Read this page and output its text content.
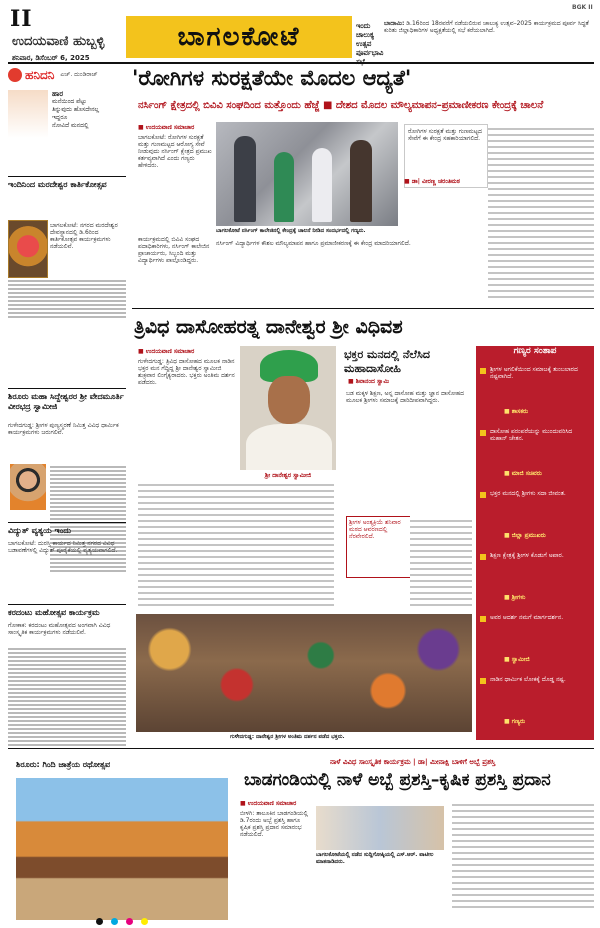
II
ಉದಯವಾಣಿ ಹುಬ್ಬಳ್ಳಿ
ಶನಿವಾರ, ಡಿಸೆಂಬರ್ 6, 2025
ಬಾಗಲಕೋಟೆ	ಇಂದು ಚಾಲುಕ್ಯ ಉತ್ಸವ ಪೂರ್ವಭಾವಿ
ಬಾದಾಮಿ: ಡಿ.16ರಿಂದ 18ರವರೆಗೆ ನಡೆಯಲಿರುವ ಚಾಲುಕ್ಯ ಉತ್ಸವ–2025 ಕಾರ್ಯಕ್ರಮದ ಪೂರ್ವ ಸಿದ್ಧತೆ ಕುರಿತು ಜಿಲ್ಲಾಧಿಕಾರಿಗಳ ಅಧ್ಯಕ್ಷತೆಯಲ್ಲಿ ಸಭೆ ಕರೆಯಲಾಗಿದೆ.
BGK II
ಹನಿದನಿ ಎಚ್. ದುಂಡಿರಾಜ್
ಹಾರ
ಮನೆಯಿಂದ ಪೆಟ್ಟು
ತಿನ್ನುವುದು ಹೊಸದೇನಲ್ಲ
ಇದ್ದರೂ
ನೋವಿದೆ ಮನದಲ್ಲಿ
ಇಂದಿನಿಂದ ಮರದೇಶ್ವರ ಕಾರ್ತಿಕೋತ್ಸವ
ಬಾಗಲಕೋಟೆ: ನಗರದ ಮರದೇಶ್ವರ ದೇವಸ್ಥಾನದಲ್ಲಿ ಡಿ.6ರಿಂದ ಕಾರ್ತಿಕೋತ್ಸವ ಕಾರ್ಯಕ್ರಮಗಳು ನಡೆಯಲಿವೆ.
ಶಿರೂರು ಮಹಾ ಸಿದ್ದೇಶ್ವರರ ಶ್ರೀ ವೇದಮೂರ್ತಿ ವೀರಭದ್ರ ಸ್ವಾಮೀಜಿ
ಗುಳೇದಗುಡ್ಡ: ಶ್ರೀಗಳ ಪುಣ್ಯಸ್ಮರಣೆ ನಿಮಿತ್ತ ವಿವಿಧ ಧಾರ್ಮಿಕ ಕಾರ್ಯಕ್ರಮಗಳು ಜರುಗಲಿವೆ.
ವಿದ್ಯುತ್ ವ್ಯತ್ಯಯ ಇಂದು
ಬಾಗಲಕೋಟೆ: ದುರಸ್ತಿ ಕಾರ್ಯದ ನಿಮಿತ್ತ ನಗರದ ವಿವಿಧ ಬಡಾವಣೆಗಳಲ್ಲಿ ವಿದ್ಯುತ್ ಪೂರೈಕೆಯಲ್ಲಿ ವ್ಯತ್ಯಯವಾಗಲಿದೆ.
ಕರದಂಟು ಮಹೋತ್ಸವ ಕಾರ್ಯಕ್ರಮ
ಗೋಕಾಕ: ಕರದಂಟು ಮಹೋತ್ಸವದ ಅಂಗವಾಗಿ ವಿವಿಧ ಸಾಂಸ್ಕೃತಿಕ ಕಾರ್ಯಕ್ರಮಗಳು ನಡೆಯಲಿವೆ.
'ರೋಗಿಗಳ ಸುರಕ್ಷತೆಯೇ ಮೊದಲ ಆದ್ಯತೆ'
ನರ್ಸಿಂಗ್ ಕ್ಷೇತ್ರದಲ್ಲಿ ಬಿವಿವಿ ಸಂಘದಿಂದ ಮತ್ತೊಂದು ಹೆಜ್ಜೆ ■ ದೇಶದ ಮೊದಲ ಮೌಲ್ಯಮಾಪನ–ಪ್ರಮಾಣೀಕರಣ ಕೇಂದ್ರಕ್ಕೆ ಚಾಲನೆ
■ ಉದಯವಾಣಿ ಸಮಾಚಾರ
ಬಾಗಲಕೋಟೆ: ರೋಗಿಗಳ ಸುರಕ್ಷತೆ ಮತ್ತು ಗುಣಮಟ್ಟದ ಆರೋಗ್ಯ ಸೇವೆ ನೀಡುವುದು ನರ್ಸಿಂಗ್ ಕ್ಷೇತ್ರದ ಪ್ರಮುಖ ಕರ್ತವ್ಯವಾಗಿದೆ ಎಂದು ಗಣ್ಯರು ಹೇಳಿದರು.
ಕಾರ್ಯಕ್ರಮದಲ್ಲಿ ಬಿವಿವಿ ಸಂಘದ ಪದಾಧಿಕಾರಿಗಳು, ನರ್ಸಿಂಗ್ ಕಾಲೇಜಿನ ಪ್ರಾಚಾರ್ಯರು, ಸಿಬ್ಬಂದಿ ಮತ್ತು ವಿದ್ಯಾರ್ಥಿಗಳು ಪಾಲ್ಗೊಂಡಿದ್ದರು.
ಬಾಗಲಕೋಟೆ ನರ್ಸಿಂಗ್ ಕಾಲೇಜಿನಲ್ಲಿ ಕೇಂದ್ರಕ್ಕೆ ಚಾಲನೆ ನೀಡಿದ ಸಂದರ್ಭದಲ್ಲಿ ಗಣ್ಯರು.
ರೋಗಿಗಳ ಸುರಕ್ಷತೆ ಮತ್ತು ಗುಣಮಟ್ಟದ ಸೇವೆಗೆ ಈ ಕೇಂದ್ರ ಸಹಕಾರಿಯಾಗಲಿದೆ.
■ ಡಾ| ವೀರಣ್ಣ ಚರಂತಿಮಠ
ನರ್ಸಿಂಗ್ ವಿದ್ಯಾರ್ಥಿಗಳ ಕೌಶಲ ಮೌಲ್ಯಮಾಪನ ಹಾಗೂ ಪ್ರಮಾಣೀಕರಣಕ್ಕೆ ಈ ಕೇಂದ್ರ ಮಾದರಿಯಾಗಲಿದೆ.
ತ್ರಿವಿಧ ದಾಸೋಹರತ್ನ ದಾನೇಶ್ವರ ಶ್ರೀ ವಿಧಿವಶ
■ ಉದಯವಾಣಿ ಸಮಾಚಾರ
ಗುಳೇದಗುಡ್ಡ: ತ್ರಿವಿಧ ದಾಸೋಹದ ಮೂಲಕ ನಾಡಿನ ಭಕ್ತರ ಮನ ಗೆದ್ದಿದ್ದ ಶ್ರೀ ದಾನೇಶ್ವರ ಸ್ವಾಮೀಜಿ ಶುಕ್ರವಾರ ಲಿಂಗೈಕ್ಯರಾದರು. ಭಕ್ತರು ಅಂತಿಮ ದರ್ಶನ ಪಡೆದರು.
ಶ್ರೀ ದಾನೇಶ್ವರ ಸ್ವಾಮೀಜಿ
ಭಕ್ತರ ಮನದಲ್ಲಿ ನೆಲೆಸಿದ ಮಹಾದಾಸೋಹಿ
■ ಶಿವಾನಂದ ಸ್ವಾಮಿ
ಬಡ ಮಕ್ಕಳ ಶಿಕ್ಷಣ, ಅನ್ನ ದಾಸೋಹ ಮತ್ತು ಜ್ಞಾನ ದಾಸೋಹದ ಮೂಲಕ ಶ್ರೀಗಳು ಸಮಾಜಕ್ಕೆ ದಾರಿದೀಪವಾಗಿದ್ದರು.
ಶ್ರೀಗಳ ಅಂತ್ಯಕ್ರಿಯೆ ಶನಿವಾರ ಮಠದ ಆವರಣದಲ್ಲಿ ನೆರವೇರಲಿದೆ.
ಗಣ್ಯರ ಸಂತಾಪ
ಶ್ರೀಗಳ ಅಗಲಿಕೆಯಿಂದ ಸಮಾಜಕ್ಕೆ ತುಂಬಲಾರದ ನಷ್ಟವಾಗಿದೆ.
■ ಶಾಸಕರು
ದಾಸೋಹ ಪರಂಪರೆಯನ್ನು ಮುಂದುವರಿಸಿದ ಮಹಾನ್ ಚೇತನ.
■ ಮಾಜಿ ಸಚಿವರು
ಭಕ್ತರ ಮನದಲ್ಲಿ ಶ್ರೀಗಳು ಸದಾ ಜೀವಂತ.
■ ಜಿಲ್ಲಾ ಪ್ರಮುಖರು
ಶಿಕ್ಷಣ ಕ್ಷೇತ್ರಕ್ಕೆ ಶ್ರೀಗಳ ಕೊಡುಗೆ ಅಪಾರ.
■ ಶ್ರೀಗಳು
ಅವರ ಆದರ್ಶ ನಮಗೆ ಮಾರ್ಗದರ್ಶನ.
■ ಸ್ವಾಮೀಜಿ
ನಾಡಿನ ಧಾರ್ಮಿಕ ಲೋಕಕ್ಕೆ ದೊಡ್ಡ ನಷ್ಟ.
■ ಗಣ್ಯರು
ಗುಳೇದಗುಡ್ಡ: ದಾನೇಶ್ವರ ಶ್ರೀಗಳ ಅಂತಿಮ ದರ್ಶನ ಪಡೆದ ಭಕ್ತರು.
ಶಿರೂರು: ಗಿಂದಿ ಜಾತ್ರೆಯ ರಥೋತ್ಸವ	ನಾಳೆ ವಿವಿಧ ಸಾಂಸ್ಕೃತಿಕ ಕಾರ್ಯಕ್ರಮ | ಡಾ| ಮೀನಾಕ್ಷಿ ಬಾಳಿಗೆ ಅಬ್ಬೆ ಪ್ರಶಸ್ತಿ
ಬಾಡಗಂಡಿಯಲ್ಲಿ ನಾಳೆ ಅಬ್ಬೆ ಪ್ರಶಸ್ತಿ–ಕೃಷಿಕ ಪ್ರಶಸ್ತಿ ಪ್ರದಾನ
■ ಉದಯವಾಣಿ ಸಮಾಚಾರ
ಬೀಳಗಿ: ತಾಲೂಕಿನ ಬಾಡಗಂಡಿಯಲ್ಲಿ ಡಿ.7ರಂದು ಅಬ್ಬೆ ಪ್ರಶಸ್ತಿ ಹಾಗೂ ಕೃಷಿಕ ಪ್ರಶಸ್ತಿ ಪ್ರದಾನ ಸಮಾರಂಭ ನಡೆಯಲಿದೆ.
ಬಾಗಲಕೋಟೆಯಲ್ಲಿ ನಡೆದ ಸುದ್ದಿಗೋಷ್ಠಿಯಲ್ಲಿ ಎಸ್.ಆರ್. ಪಾಟೀಲ ಮಾತನಾಡಿದರು.
